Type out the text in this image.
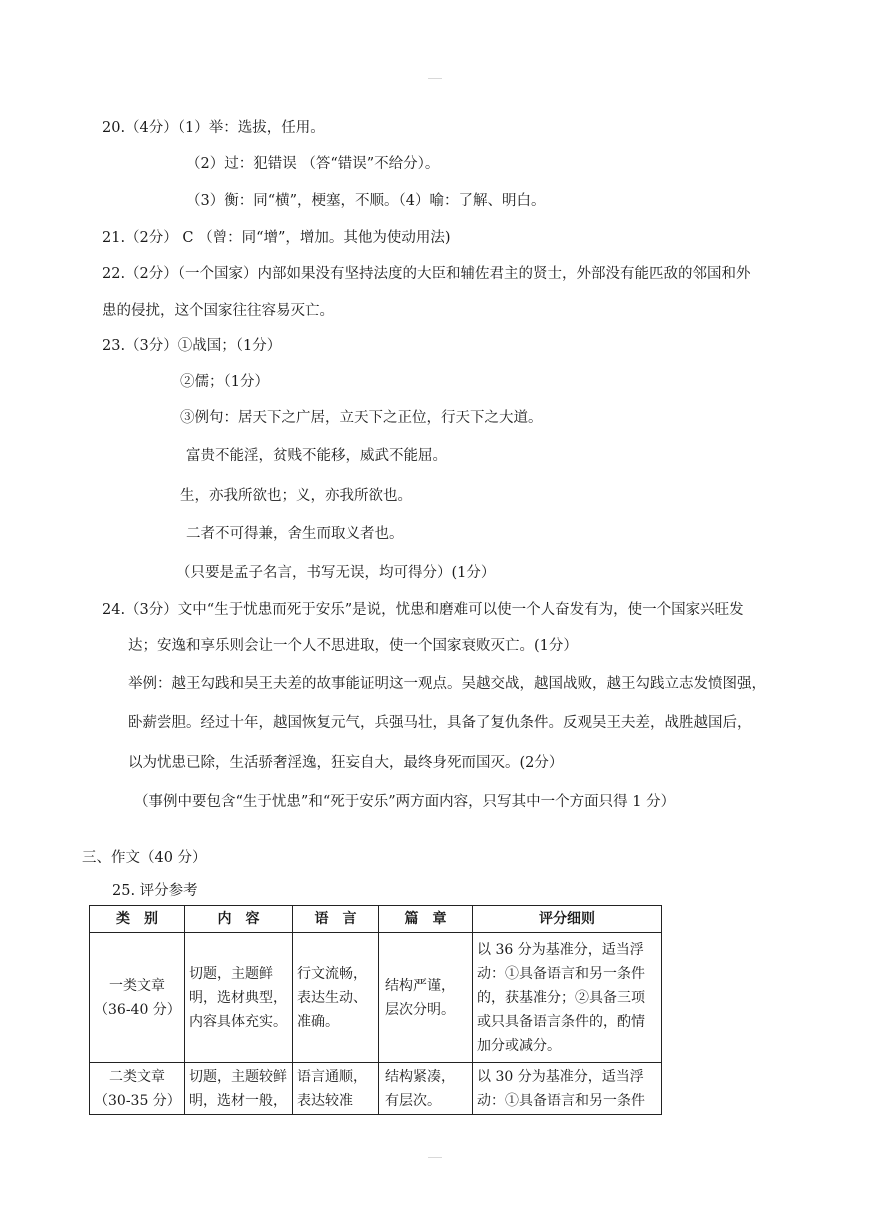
20.（4分）（1）举：选拔，任用。
（2）过：犯错误 （答“错误”不给分）。
（3）衡：同“横”，梗塞，不顺。（4）喻：了解、明白。
21.（2分） C （曾：同“增”，增加。其他为使动用法)
22.（2分）（一个国家）内部如果没有坚持法度的大臣和辅佐君主的贤士，外部没有能匹敌的邻国和外
患的侵扰，这个国家往往容易灭亡。
23.（3分）①战国；（1分）
②儒；（1分）
③例句：居天下之广居，立天下之正位，行天下之大道。
富贵不能淫，贫贱不能移，威武不能屈。
生，亦我所欲也；义，亦我所欲也。
二者不可得兼，舍生而取义者也。
（只要是孟子名言，书写无误，均可得分）(1分）
24.（3分）文中“生于忧患而死于安乐”是说，忧患和磨难可以使一个人奋发有为，使一个国家兴旺发
达；安逸和享乐则会让一个人不思进取，使一个国家衰败灭亡。(1分）
举例：越王勾践和吴王夫差的故事能证明这一观点。吴越交战，越国战败，越王勾践立志发愤图强，
卧薪尝胆。经过十年，越国恢复元气，兵强马壮，具备了复仇条件。反观吴王夫差，战胜越国后，
以为忧患已除，生活骄奢淫逸，狂妄自大，最终身死而国灭。(2分）
（事例中要包含“生于忧患”和“死于安乐”两方面内容，只写其中一个方面只得 1 分）
三、作文（40 分）
25. 评分参考
类　别	内　容	语　言	篇　章	评分细则

一类文章
（36-40 分）	切题，主题鲜明，选材典型，内容具体充实。	行文流畅，表达生动、准确。	结构严谨，层次分明。	以 36 分为基准分，适当浮动：①具备语言和另一条件的，获基准分；②具备三项或只具备语言条件的，酌情加分或减分。

二类文章
（30-35 分）	切题，主题较鲜明，选材一般，	语言通顺，表达较准	结构紧凑，有层次。	以 30 分为基准分，适当浮动：①具备语言和另一条件
